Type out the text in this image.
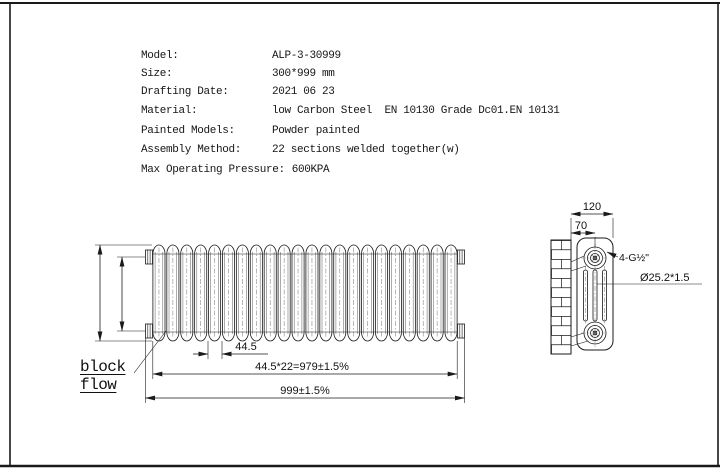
Model:	ALP-3-30999
Size:	300*999 mm
Drafting Date:	2021 06 23
Material:	low Carbon Steel  EN 10130 Grade Dc01.EN 10131
Painted Models:	Powder painted
Assembly Method:	22 sections welded together(w)
Max Operating Pressure: 600KPA
block
flow
44.5
44.5*22=979±1.5%
999±1.5%
120
70
4-G½"
Ø25.2*1.5
